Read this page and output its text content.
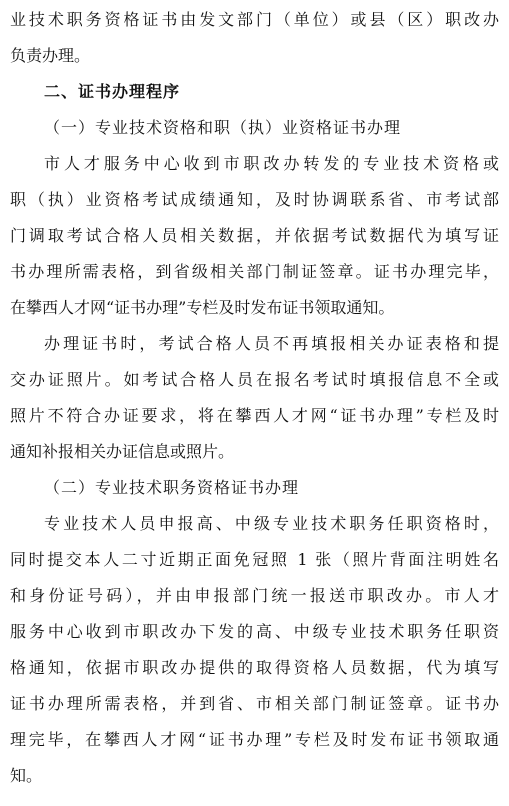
业技术职务资格证书由发文部门（单位）或县（区）职改办
负责办理。
二、证书办理程序
（一）专业技术资格和职（执）业资格证书办理
市人才服务中心收到市职改办转发的专业技术资格或
职（执）业资格考试成绩通知，及时协调联系省、市考试部
门调取考试合格人员相关数据，并依据考试数据代为填写证
书办理所需表格，到省级相关部门制证签章。证书办理完毕，
在攀西人才网“证书办理”专栏及时发布证书领取通知。
办理证书时，考试合格人员不再填报相关办证表格和提
交办证照片。如考试合格人员在报名考试时填报信息不全或
照片不符合办证要求，将在攀西人才网“证书办理”专栏及时
通知补报相关办证信息或照片。
（二）专业技术职务资格证书办理
专业技术人员申报高、中级专业技术职务任职资格时，
同时提交本人二寸近期正面免冠照 1 张（照片背面注明姓名
和身份证号码），并由申报部门统一报送市职改办。市人才
服务中心收到市职改办下发的高、中级专业技术职务任职资
格通知，依据市职改办提供的取得资格人员数据，代为填写
证书办理所需表格，并到省、市相关部门制证签章。证书办
理完毕，在攀西人才网“证书办理”专栏及时发布证书领取通
知。
